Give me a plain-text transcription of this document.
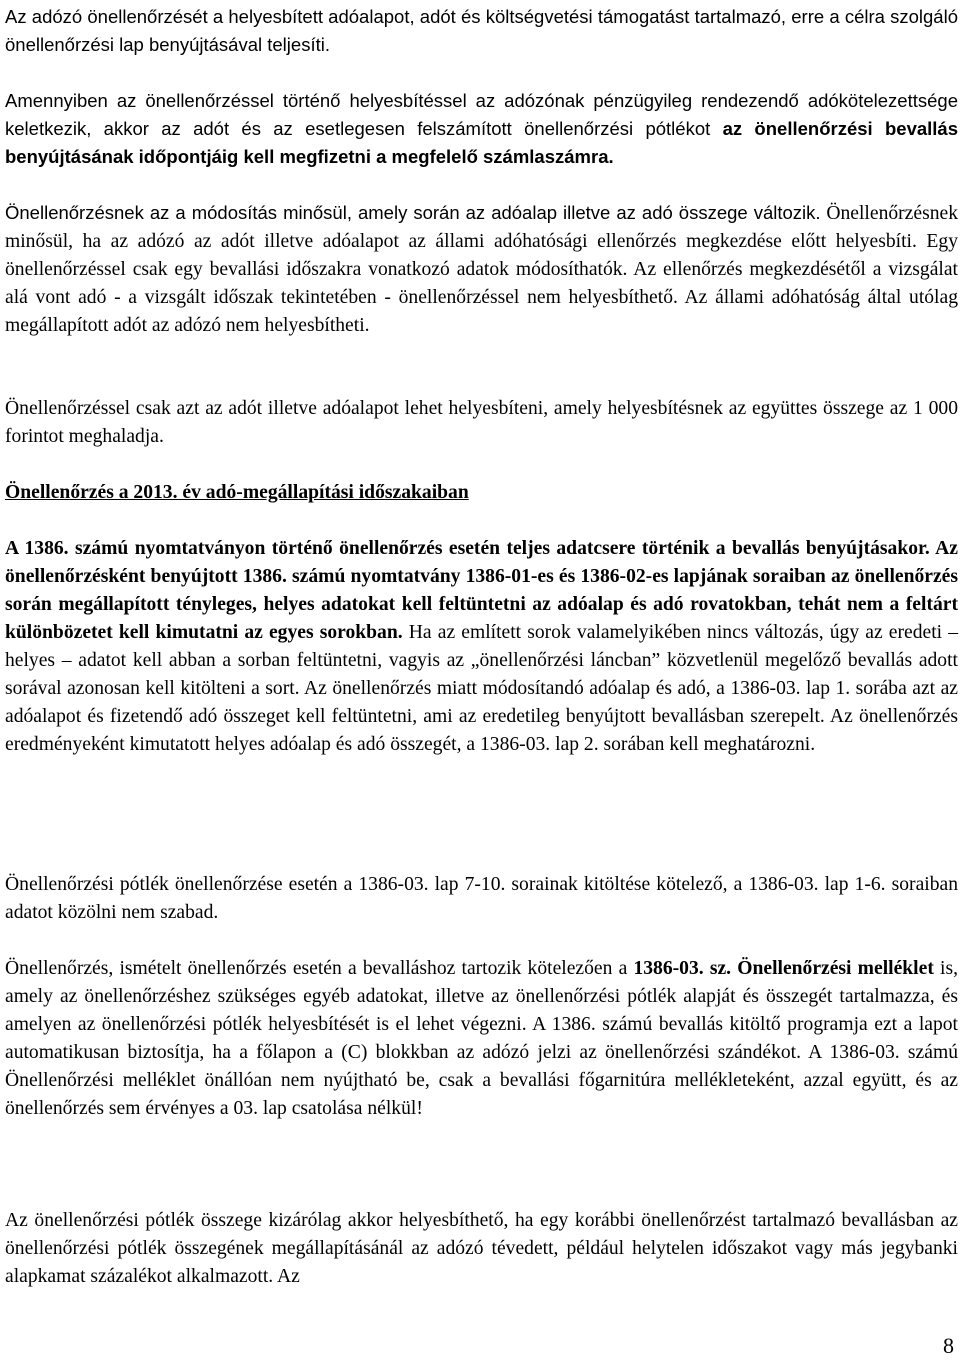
Az adózó önellenőrzését a helyesbített adóalapot, adót és költségvetési támogatást tartalmazó, erre a célra szolgáló önellenőrzési lap benyújtásával teljesíti.

Amennyiben az önellenőrzéssel történő helyesbítéssel az adózónak pénzügyileg rendezendő adókötelezettsége keletkezik, akkor az adót és az esetlegesen felszámított önellenőrzési pótlékot az önellenőrzési bevallás benyújtásának időpontjáig kell megfizetni a megfelelő számlaszámra.

Önellenőrzésnek az a módosítás minősül, amely során az adóalap illetve az adó összege változik. Önellenőrzésnek minősül, ha az adózó az adót illetve adóalapot az állami adóhatósági ellenőrzés megkezdése előtt helyesbíti. Egy önellenőrzéssel csak egy bevallási időszakra vonatkozó adatok módosíthatók. Az ellenőrzés megkezdésétől a vizsgálat alá vont adó - a vizsgált időszak tekintetében - önellenőrzéssel nem helyesbíthető. Az állami adóhatóság által utólag megállapított adót az adózó nem helyesbítheti.

Önellenőrzéssel csak azt az adót illetve adóalapot lehet helyesbíteni, amely helyesbítésnek az együttes összege az 1 000 forintot meghaladja.

Önellenőrzés a 2013. év adó-megállapítási időszakaiban

A 1386. számú nyomtatványon történő önellenőrzés esetén teljes adatcsere történik a bevallás benyújtásakor. Az önellenőrzésként benyújtott 1386. számú nyomtatvány 1386-01-es és 1386-02-es lapjának soraiban az önellenőrzés során megállapított tényleges, helyes adatokat kell feltüntetni az adóalap és adó rovatokban, tehát nem a feltárt különbözetet kell kimutatni az egyes sorokban. Ha az említett sorok valamelyikében nincs változás, úgy az eredeti – helyes – adatot kell abban a sorban feltüntetni, vagyis az „önellenőrzési láncban” közvetlenül megelőző bevallás adott sorával azonosan kell kitölteni a sort. Az önellenőrzés miatt módosítandó adóalap és adó, a 1386-03. lap 1. sorába azt az adóalapot és fizetendő adó összeget kell feltüntetni, ami az eredetileg benyújtott bevallásban szerepelt. Az önellenőrzés eredményeként kimutatott helyes adóalap és adó összegét, a 1386-03. lap 2. sorában kell meghatározni.

Önellenőrzési pótlék önellenőrzése esetén a 1386-03. lap 7-10. sorainak kitöltése kötelező, a 1386-03. lap 1-6. soraiban adatot közölni nem szabad.

Önellenőrzés, ismételt önellenőrzés esetén a bevalláshoz tartozik kötelezően a 1386-03. sz. Önellenőrzési melléklet is, amely az önellenőrzéshez szükséges egyéb adatokat, illetve az önellenőrzési pótlék alapját és összegét tartalmazza, és amelyen az önellenőrzési pótlék helyesbítését is el lehet végezni. A 1386. számú bevallás kitöltő programja ezt a lapot automatikusan biztosítja, ha a főlapon a (C) blokkban az adózó jelzi az önellenőrzési szándékot. A 1386-03. számú Önellenőrzési melléklet önállóan nem nyújtható be, csak a bevallási főgarnitúra mellékleteként, azzal együtt, és az önellenőrzés sem érvényes a 03. lap csatolása nélkül!

Az önellenőrzési pótlék összege kizárólag akkor helyesbíthető, ha egy korábbi önellenőrzést tartalmazó bevallásban az önellenőrzési pótlék összegének megállapításánál az adózó tévedett, például helytelen időszakot vagy más jegybanki alapkamat százalékot alkalmazott. Az

8
